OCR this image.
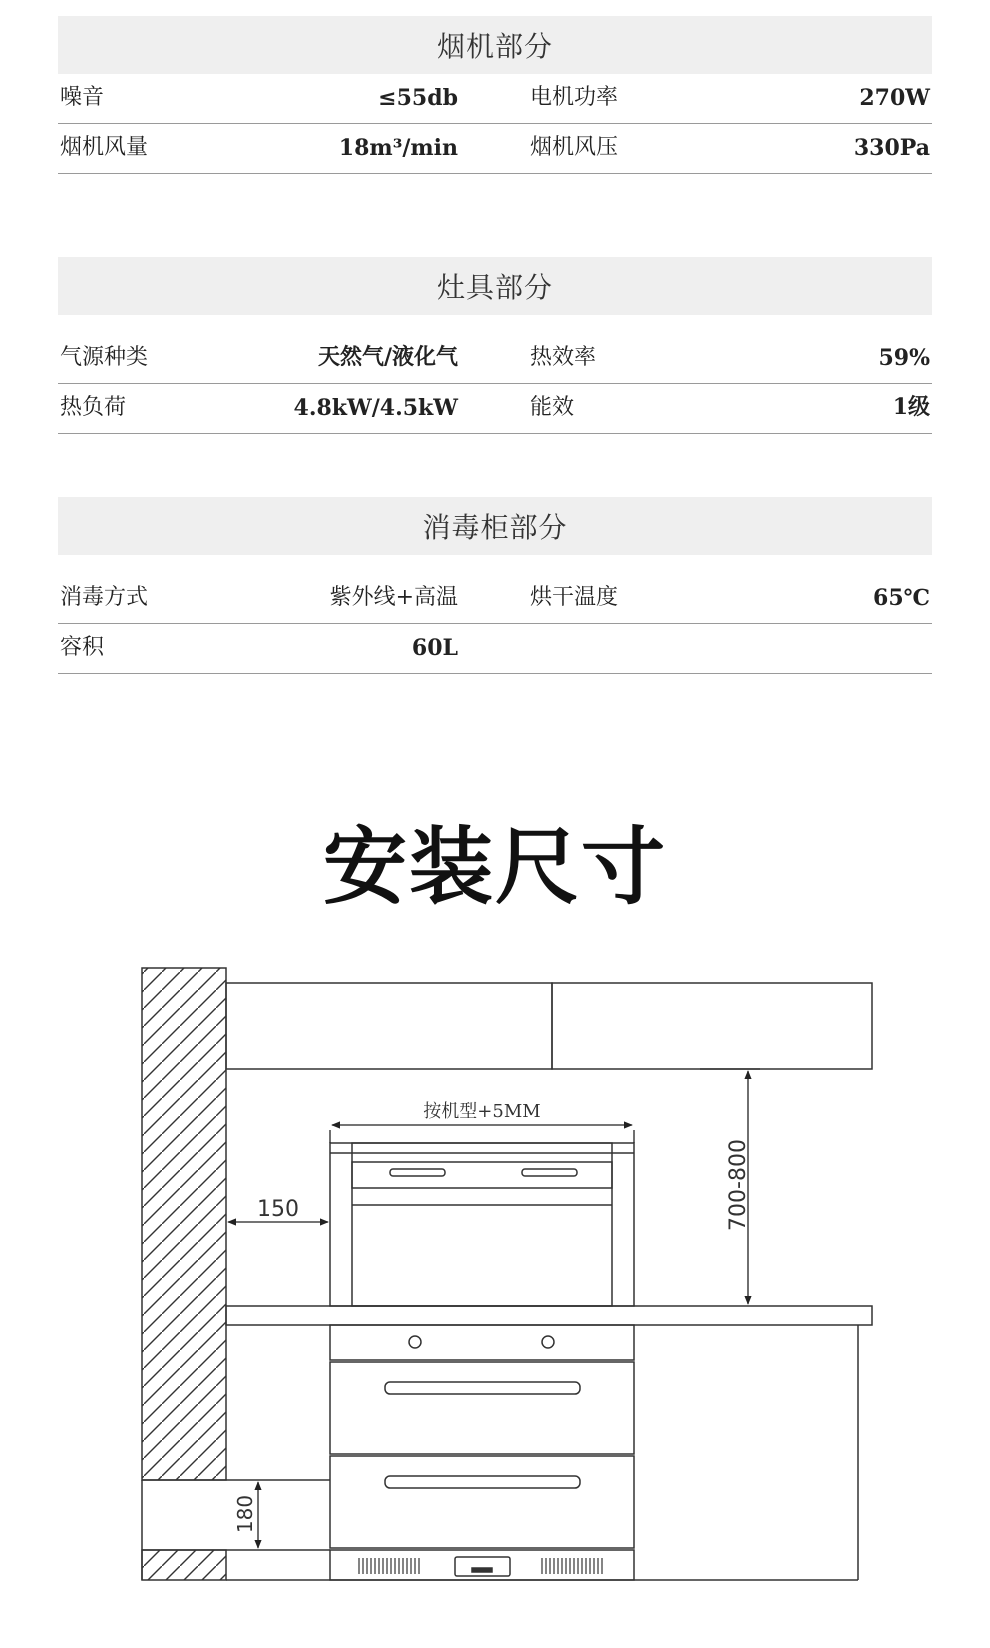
烟机部分
噪音	≤55db	电机功率	270W
烟机风量	18m³/min	烟机风压	330Pa
灶具部分
气源种类	天然气/液化气	热效率	59%
热负荷	4.8kW/4.5kW	能效	1级
消毒柜部分
消毒方式	紫外线+高温	烘干温度	65℃
容积	60L
安装尺寸
按机型+5MM
150	700-800
180
